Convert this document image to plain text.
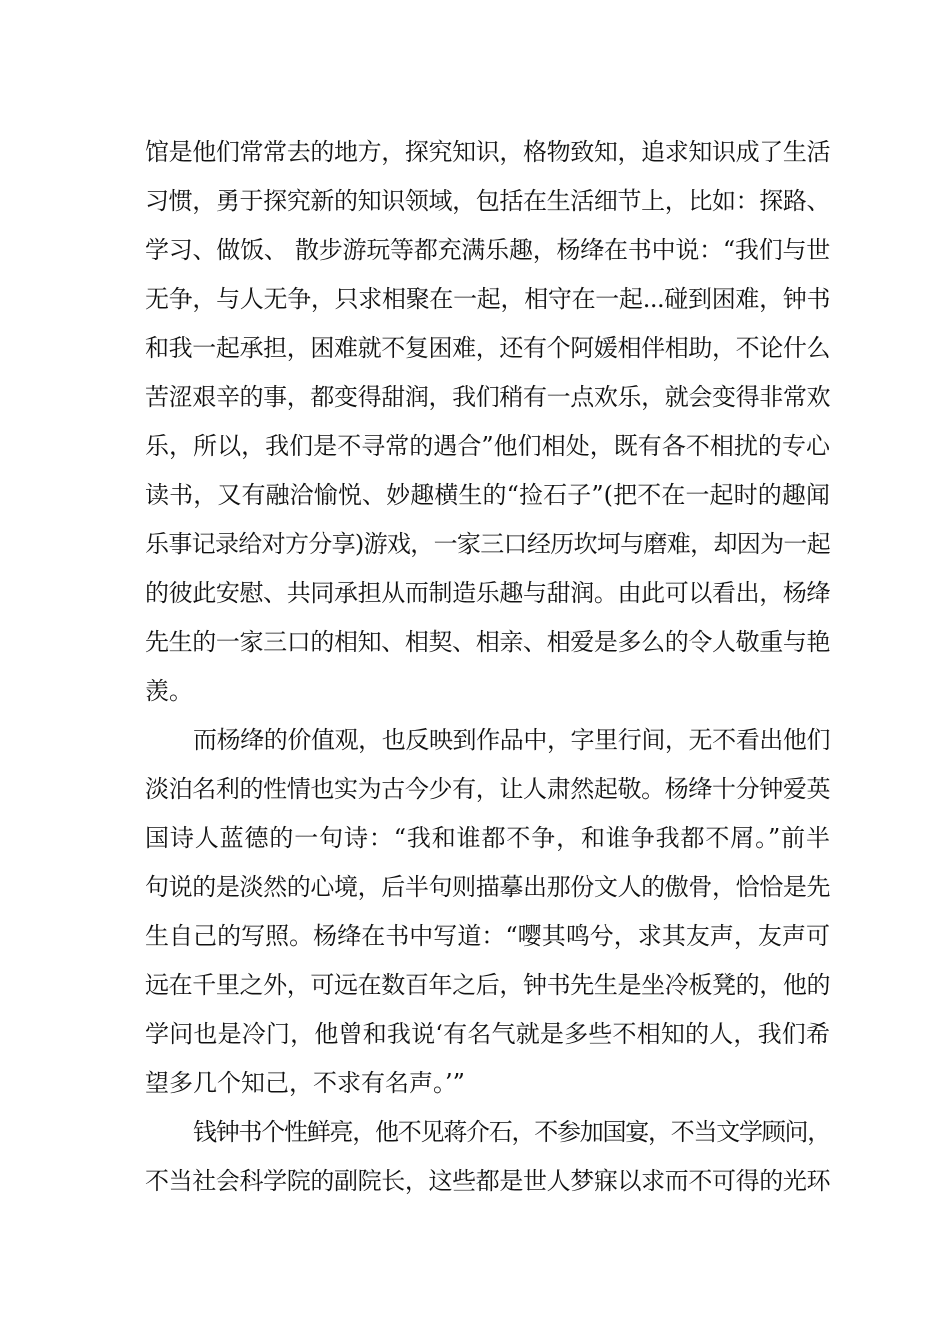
馆是他们常常去的地方，探究知识，格物致知，追求知识成了生活
习惯，勇于探究新的知识领域，包括在生活细节上，比如：探路、
学习、做饭、 散步游玩等都充满乐趣，杨绛在书中说：“我们与世
无争，与人无争，只求相聚在一起，相守在一起...碰到困难，钟书
和我一起承担，困难就不复困难，还有个阿媛相伴相助，不论什么
苦涩艰辛的事，都变得甜润，我们稍有一点欢乐，就会变得非常欢
乐，所以，我们是不寻常的遇合”他们相处，既有各不相扰的专心
读书，又有融洽愉悦、妙趣横生的“捡石子”(把不在一起时的趣闻
乐事记录给对方分享)游戏，一家三口经历坎坷与磨难，却因为一起
的彼此安慰、共同承担从而制造乐趣与甜润。由此可以看出，杨绛
先生的一家三口的相知、相契、相亲、相爱是多么的令人敬重与艳
羡。
而杨绛的价值观，也反映到作品中，字里行间，无不看出他们
淡泊名利的性情也实为古今少有，让人肃然起敬。杨绛十分钟爱英
国诗人蓝德的一句诗：“我和谁都不争，和谁争我都不屑。”前半
句说的是淡然的心境，后半句则描摹出那份文人的傲骨，恰恰是先
生自己的写照。杨绛在书中写道：“嘤其鸣兮，求其友声，友声可
远在千里之外，可远在数百年之后，钟书先生是坐冷板凳的，他的
学问也是冷门，他曾和我说‘有名气就是多些不相知的人，我们希
望多几个知己，不求有名声。’”
钱钟书个性鲜亮，他不见蒋介石，不参加国宴，不当文学顾问，
不当社会科学院的副院长，这些都是世人梦寐以求而不可得的光环
